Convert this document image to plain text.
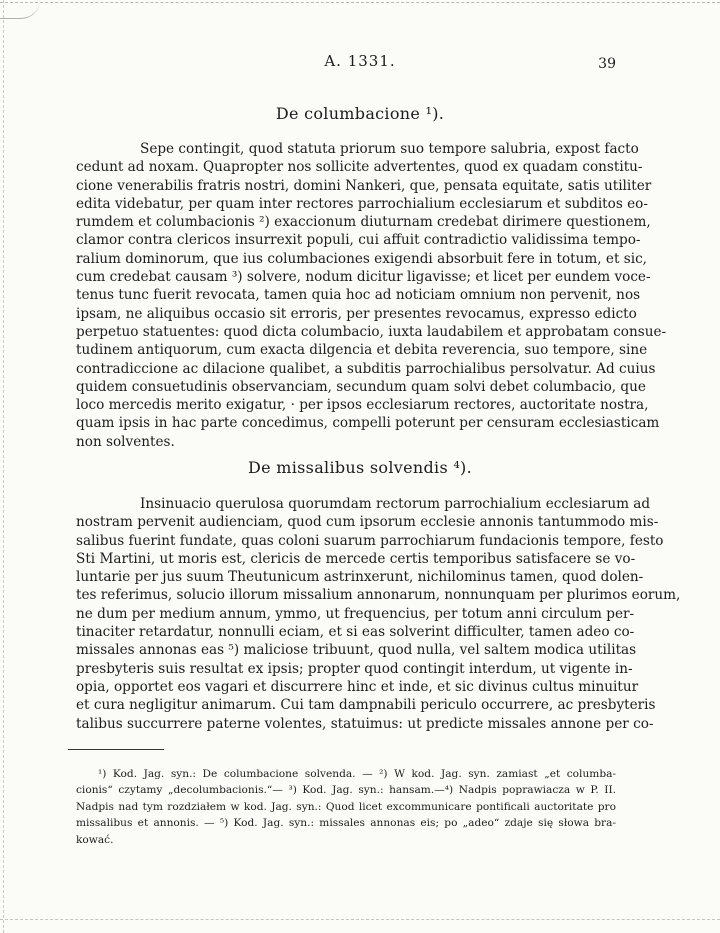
A. 1331.	39
De columbacione ¹).
Sepe contingit, quod statuta priorum suo tempore salubria, expost facto
cedunt ad noxam. Quapropter nos sollicite advertentes, quod ex quadam constitu-
cione venerabilis fratris nostri, domini Nankeri, que, pensata equitate, satis utiliter
edita videbatur, per quam inter rectores parrochialium ecclesiarum et subditos eo-
rumdem et columbacionis ²) exaccionum diuturnam credebat dirimere questionem,
clamor contra clericos insurrexit populi, cui affuit contradictio validissima tempo-
ralium dominorum, que ius columbaciones exigendi absorbuit fere in totum, et sic,
cum credebat causam ³) solvere, nodum dicitur ligavisse; et licet per eundem voce-
tenus tunc fuerit revocata, tamen quia hoc ad noticiam omnium non pervenit, nos
ipsam, ne aliquibus occasio sit erroris, per presentes revocamus, expresso edicto
perpetuo statuentes: quod dicta columbacio, iuxta laudabilem et approbatam consue-
tudinem antiquorum, cum exacta dilgencia et debita reverencia, suo tempore, sine
contradiccione ac dilacione qualibet, a subditis parrochialibus persolvatur. Ad cuius
quidem consuetudinis observanciam, secundum quam solvi debet columbacio, que
loco mercedis merito exigatur, · per ipsos ecclesiarum rectores, auctoritate nostra,
quam ipsis in hac parte concedimus, compelli poterunt per censuram ecclesiasticam
non solventes.
De missalibus solvendis ⁴).
Insinuacio querulosa quorumdam rectorum parrochialium ecclesiarum ad
nostram pervenit audienciam, quod cum ipsorum ecclesie annonis tantummodo mis-
salibus fuerint fundate, quas coloni suarum parrochiarum fundacionis tempore, festo
Sti Martini, ut moris est, clericis de mercede certis temporibus satisfacere se vo-
luntarie per jus suum Theutunicum astrinxerunt, nichilominus tamen, quod dolen-
tes referimus, solucio illorum missalium annonarum, nonnunquam per plurimos eorum,
ne dum per medium annum, ymmo, ut frequencius, per totum anni circulum per-
tinaciter retardatur, nonnulli eciam, et si eas solverint difficulter, tamen adeo co-
missales annonas eas ⁵) maliciose tribuunt, quod nulla, vel saltem modica utilitas
presbyteris suis resultat ex ipsis; propter quod contingit interdum, ut vigente in-
opia, opportet eos vagari et discurrere hinc et inde, et sic divinus cultus minuitur
et cura negligitur animarum. Cui tam dampnabili periculo occurrere, ac presbyteris
talibus succurrere paterne volentes, statuimus: ut predicte missales annone per co-
¹) Kod. Jag. syn.: De columbacione solvenda. — ²) W kod. Jag. syn. zamiast „et columba-
cionis“ czytamy „decolumbacionis.“— ³) Kod. Jag. syn.: hansam.—⁴) Nadpis poprawiacza w P. II.
Nadpis nad tym rozdziałem w kod. Jag. syn.: Quod licet excommunicare pontificali auctoritate pro
missalibus et annonis. — ⁵) Kod. Jag. syn.: missales annonas eis; po „adeo“ zdaje się słowa bra-
kować.
